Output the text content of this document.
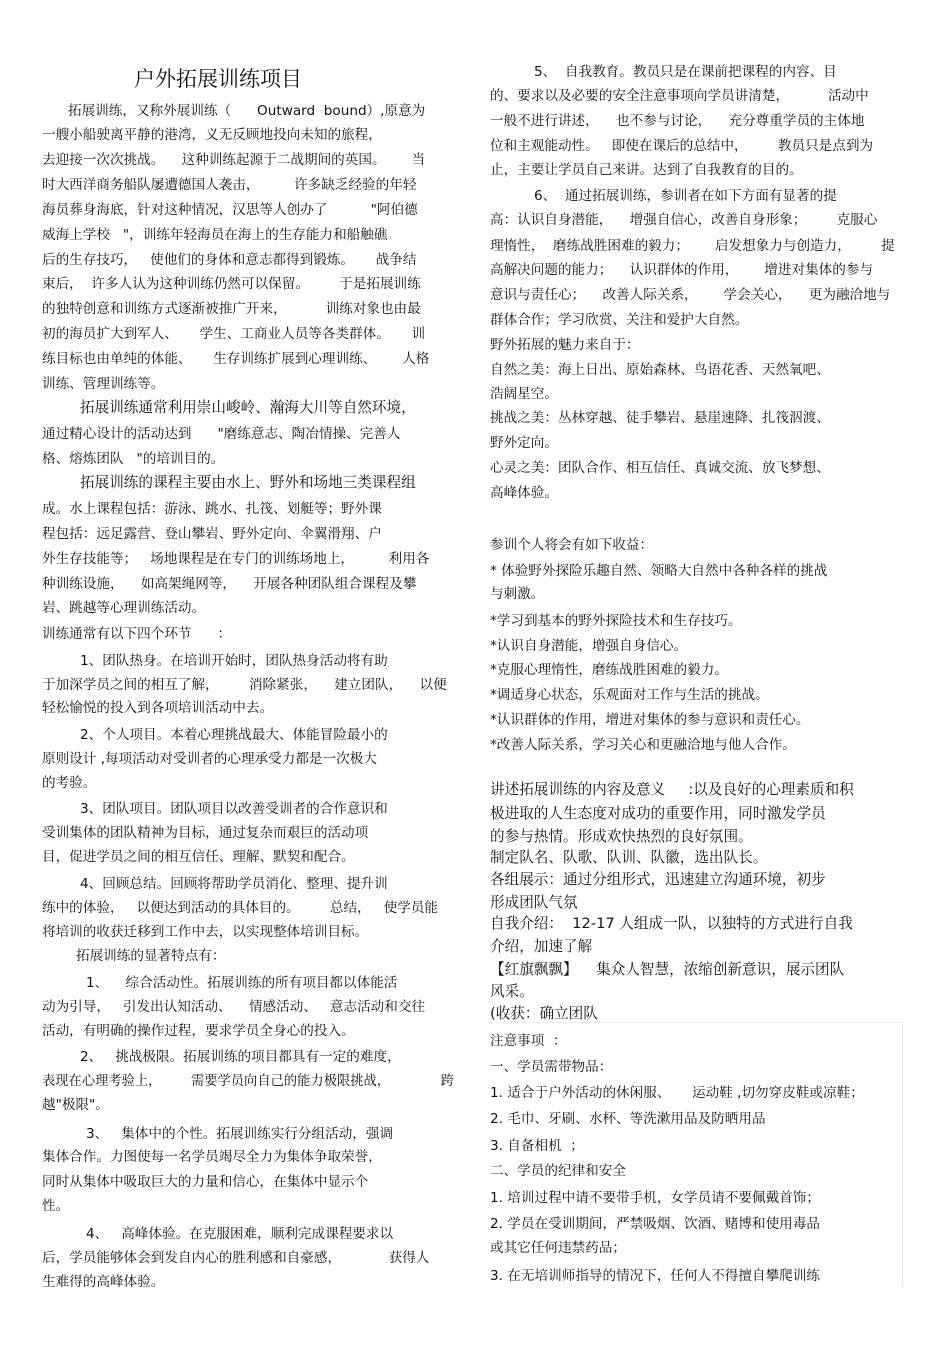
户外拓展训练项目
拓展训练，又称外展训练（      Outward  bound）,原意为
一艘小船驶离平静的港湾，义无反顾地投向未知的旅程，
去迎接一次次挑战。    这种训练起源于二战期间的英国。      当
时大西洋商务船队屡遭德国人袭击，        许多缺乏经验的年轻
海员葬身海底，针对这种情况，汉思等人创办了          "阿伯德
威海上学校   "，训练年轻海员在海上的生存能力和船触礁
后的生存技巧，   使他们的身体和意志都得到锻炼。     战争结
束后，  许多人认为这种训练仍然可以保留。       于是拓展训练
的独特创意和训练方式逐渐被推广开来，         训练对象也由最
初的海员扩大到军人、     学生、工商业人员等各类群体。     训
练目标也由单纯的体能、     生存训练扩展到心理训练、      人格
训练、管理训练等。
拓展训练通常利用崇山峻岭、瀚海大川等自然环境，
通过精心设计的活动达到      "磨练意志、陶冶情操、完善人
格、熔炼团队   "的培训目的。
拓展训练的课程主要由水上、野外和场地三类课程组
成。水上课程包括：游泳、跳水、扎筏、划艇等；野外课
程包括：远足露营、登山攀岩、野外定向、伞翼滑翔、户
外生存技能等；   场地课程是在专门的训练场地上，        利用各
种训练设施，    如高架绳网等，    开展各种团队组合课程及攀
岩、跳越等心理训练活动。
训练通常有以下四个环节      ：
1、团队热身。在培训开始时，团队热身活动将有助
于加深学员之间的相互了解，       消除紧张，    建立团队，    以便
轻松愉悦的投入到各项培训活动中去。
2、个人项目。本着心理挑战最大、体能冒险最小的
原则设计 ,每项活动对受训者的心理承受力都是一次极大
的考验。
3、团队项目。团队项目以改善受训者的合作意识和
受训集体的团队精神为目标，通过复杂而艰巨的活动项
目，促进学员之间的相互信任、理解、默契和配合。
4、回顾总结。回顾将帮助学员消化、整理、提升训
练中的体验，   以便达到活动的具体目的。       总结，   使学员能
将培训的收获迁移到工作中去，以实现整体培训目标。
拓展训练的显著特点有：
1、    综合活动性。拓展训练的所有项目都以体能活
动为引导，   引发出认知活动、    情感活动、   意志活动和交往
活动，有明确的操作过程，要求学员全身心的投入。
2、   挑战极限。拓展训练的项目都具有一定的难度，
表现在心理考验上，       需要学员向自己的能力极限挑战，            跨
越"极限"。
3、   集体中的个性。拓展训练实行分组活动，强调
集体合作。力图使每一名学员竭尽全力为集体争取荣誉，
同时从集体中吸取巨大的力量和信心，在集体中显示个
性。
4、   高峰体验。在克服困难，顺利完成课程要求以
后，学员能够体会到发自内心的胜利感和自豪感，           获得人
生难得的高峰体验。
5、  自我教育。教员只是在课前把课程的内容、目
的、要求以及必要的安全注意事项向学员讲清楚，         活动中
一般不进行讲述，    也不参与讨论，    充分尊重学员的主体地
位和主观能动性。   即使在课后的总结中，       教员只是点到为
止，主要让学员自己来讲。达到了自我教育的目的。
6、  通过拓展训练，参训者在如下方面有显著的提
高：认识自身潜能，    增强自信心，改善自身形象；       克服心
理惰性，  磨练战胜困难的毅力；      启发想象力与创造力，       提
高解决问题的能力；    认识群体的作用，      增进对集体的参与
意识与责任心；    改善人际关系，      学会关心，    更为融洽地与
群体合作；学习欣赏、关注和爱护大自然。
野外拓展的魅力来自于：
自然之美：海上日出、原始森林、鸟语花香、天然氧吧、
浩阔星空。
挑战之美：丛林穿越、徒手攀岩、悬崖速降、扎筏泅渡、
野外定向。
心灵之美：团队合作、相互信任、真诚交流、放飞梦想、
高峰体验。
参训个人将会有如下收益：
* 体验野外探险乐趣自然、领略大自然中各种各样的挑战
与刺激。
*学习到基本的野外探险技术和生存技巧。
*认识自身潜能，增强自身信心。
*克服心理惰性，磨练战胜困难的毅力。
*调适身心状态，乐观面对工作与生活的挑战。
*认识群体的作用，增进对集体的参与意识和责任心。
*改善人际关系，学习关心和更融洽地与他人合作。
讲述拓展训练的内容及意义     :以及良好的心理素质和积
极进取的人生态度对成功的重要作用，同时激发学员
的参与热情。形成欢快热烈的良好氛围。
制定队名、队歌、队训、队徽，选出队长。
各组展示：通过分组形式，迅速建立沟通环境，初步
形成团队气氛
自我介绍：  12-17 人组成一队，以独特的方式进行自我
介绍，加速了解
【红旗飘飘】    集众人智慧，浓缩创新意识，展示团队
风采。
(收获：确立团队
注意事项  ：
一、学员需带物品：
1. 适合于户外活动的休闲服、     运动鞋 ,切勿穿皮鞋或凉鞋；
2. 毛巾、牙刷、水杯、等洗漱用品及防晒用品
3. 自备相机  ；
二、学员的纪律和安全
1. 培训过程中请不要带手机，女学员请不要佩戴首饰；
2. 学员在受训期间，严禁吸烟、饮酒、赌博和使用毒品
或其它任何违禁药品；
3. 在无培训师指导的情况下，任何人不得擅自攀爬训练
